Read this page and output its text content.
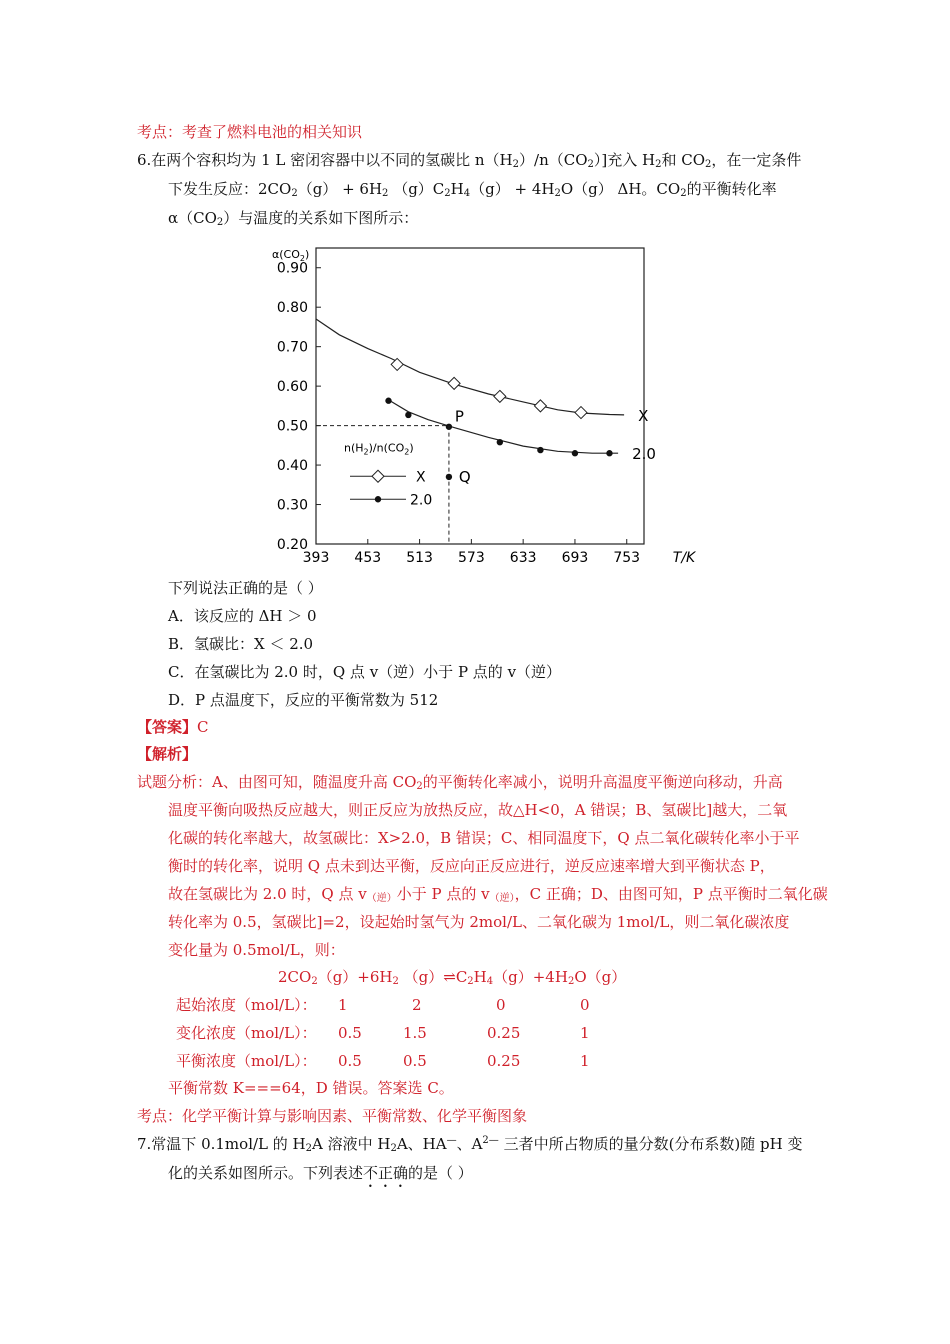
考点：考查了燃料电池的相关知识
6.在两个容积均为 1 L 密闭容器中以不同的氢碳比 $n(H_2)/n(CO_2)$]充入 $H_2$和 $CO_2$，在一定条件
下发生反应：$2CO_2(g) + 6H_2$ $(g)C_2H_4(g) + 4H_2O(g)$ ΔH。$CO_2$的平衡转化率
$\alpha(CO_2)$与温度的关系如下图所示：
0.90
0.80
0.70
0.60
0.50
0.40
0.30
0.20
393 453 513 573 633 693 753 T/K
$\alpha(CO_2)$
X
2.0
P
Q
$n(H_2)/n(CO_2)$
X
2.0
下列说法正确的是（ ）
A．该反应的 ΔH ＞ 0
B．氢碳比：X ＜ 2.0
C．在氢碳比为 2.0 时，Q 点 v（逆）小于 P 点的 v（逆）
D．P 点温度下，反应的平衡常数为 512
【答案】C
【解析】
试题分析：A、由图可知，随温度升高 $CO_2$的平衡转化率减小，说明升高温度平衡逆向移动，升高
温度平衡向吸热反应越大，则正反应为放热反应，故△H<0，A 错误；B、氢碳比]越大，二氧
化碳的转化率越大，故氢碳比：X>2.0，B 错误；C、相同温度下，Q 点二氧化碳转化率小于平
衡时的转化率，说明 Q 点未到达平衡，反应向正反应进行，逆反应速率增大到平衡状态 P，
故在氢碳比为 2.0 时，Q 点 $v_{(逆)}$小于 P 点的 $v_{(逆)}$，C 正确；D、由图可知，P 点平衡时二氧化碳
转化率为 0.5，氢碳比]=2，设起始时氢气为 2mol/L、二氧化碳为 1mol/L，则二氧化碳浓度
变化量为 0.5mol/L，则：
$2CO_2(g)+6H_2$ $(g)\rightleftharpoons C_2H_4(g)+4H_2O(g)$
起始浓度（mol/L）： 1	2	0	0
变化浓度（mol/L）： 0.5	1.5	0.25	1
平衡浓度（mol/L）： 0.5	0.5	0.25	1
平衡常数 K===64，D 错误。答案选 C。
考点：化学平衡计算与影响因素、平衡常数、化学平衡图象
7.常温下 0.1mol/L 的 $H_2A$ 溶液中 $H_2A$、HA—、$A^{2—}$ 三者中所占物质的量分数(分布系数)随 pH 变
化的关系如图所示。下列表述不正确的是（ ）
